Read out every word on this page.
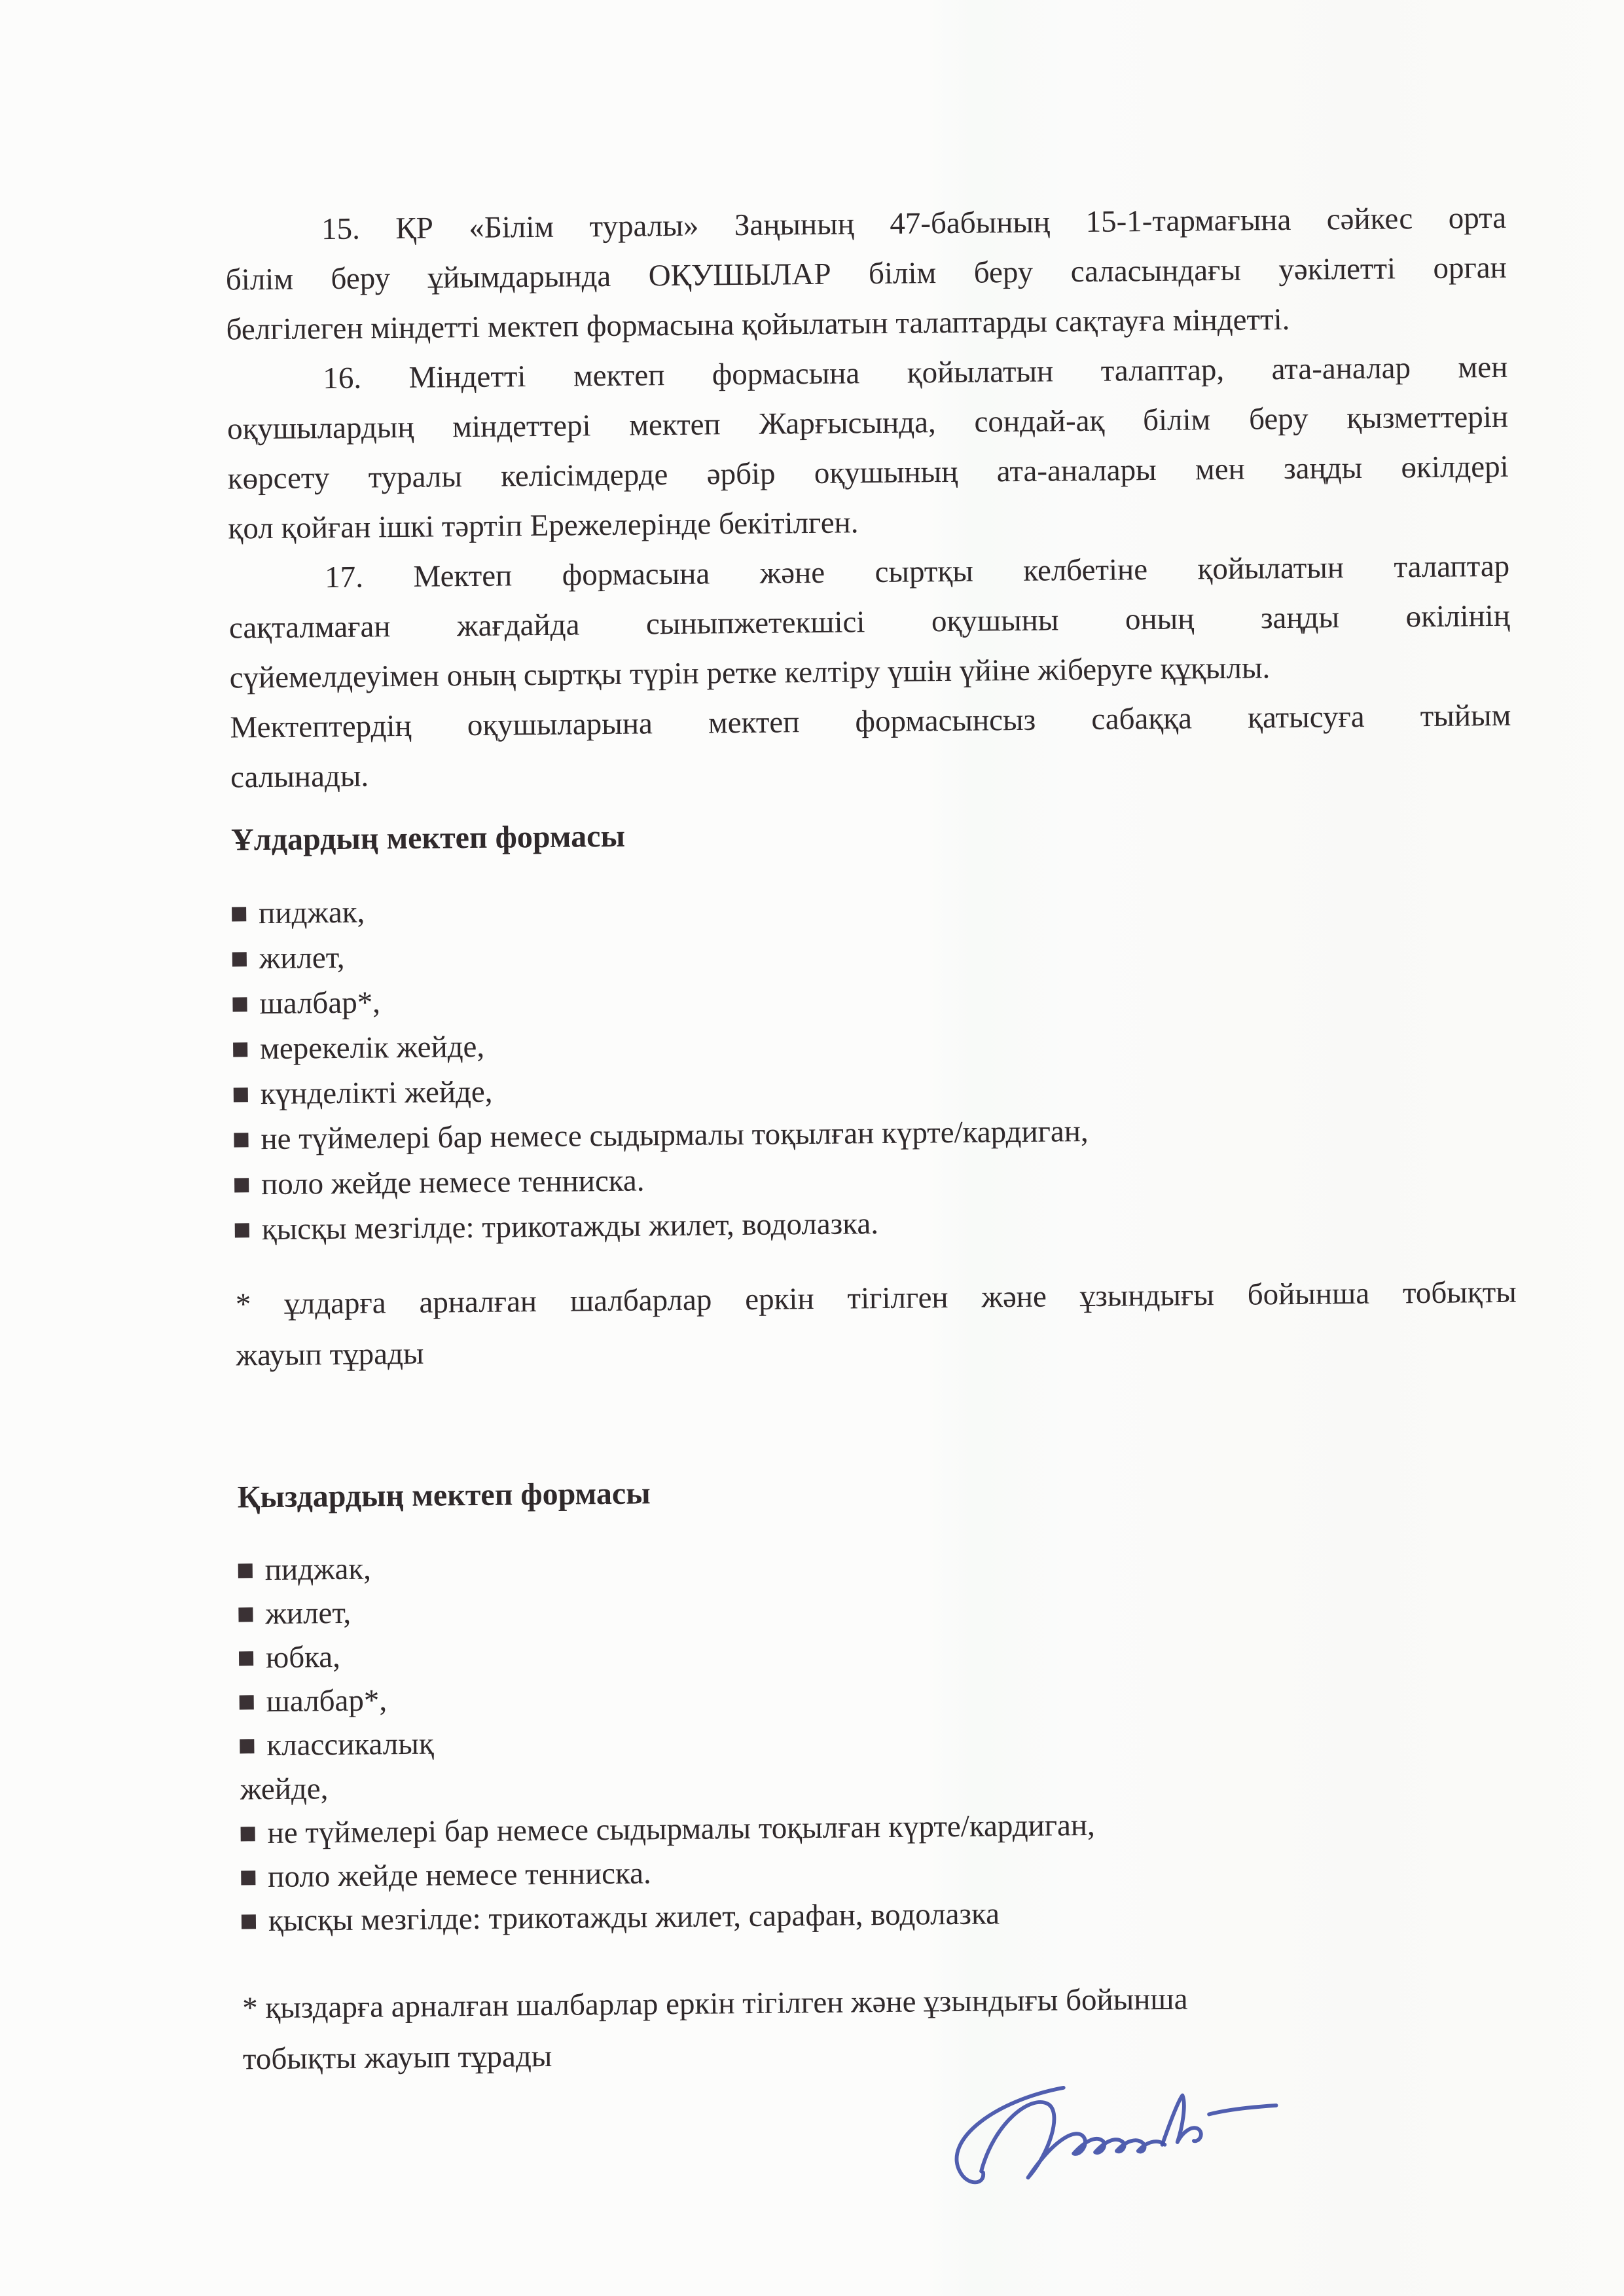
15. ҚР «Білім туралы» Заңының 47-бабының 15-1-тармағына сәйкес орта
білім беру ұйымдарында ОҚУШЫЛАР білім беру саласындағы уәкілетті орган
белгілеген міндетті мектеп формасына қойылатын талаптарды сақтауға міндетті.

16. Міндетті мектеп формасына қойылатын талаптар, ата-аналар мен
оқушылардың міндеттері мектеп Жарғысында, сондай-ақ білім беру қызметтерін
көрсету туралы келісімдерде әрбір оқушының ата-аналары мен заңды өкілдері
қол қойған ішкі тәртіп Ережелерінде бекітілген.

17. Мектеп формасына және сыртқы келбетіне қойылатын талаптар
сақталмаған жағдайда сыныпжетекшісі оқушыны оның заңды өкілінің
сүйемелдеуімен оның сыртқы түрін ретке келтіру үшін үйіне жіберуге құқылы.

Мектептердің оқушыларына мектеп формасынсыз сабаққа қатысуға тыйым
салынады.

Ұлдардың мектеп формасы
пиджак,
жилет,
шалбар*,
мерекелік жейде,
күнделікті жейде,
не түймелері бар немесе сыдырмалы тоқылған күрте/кардиган,
поло жейде немесе тенниска.
қысқы мезгілде: трикотажды жилет, водолазка.
* ұлдарға арналған шалбарлар еркін тігілген және ұзындығы бойынша тобықты
жауып тұрады
Қыздардың мектеп формасы
пиджак,
жилет,
юбка,
шалбар*,
классикалық
жейде,
не түймелері бар немесе сыдырмалы тоқылған күрте/кардиган,
поло жейде немесе тенниска.
қысқы мезгілде: трикотажды жилет, сарафан, водолазка
* қыздарға арналған шалбарлар еркін тігілген және ұзындығы бойынша
тобықты жауып тұрады
